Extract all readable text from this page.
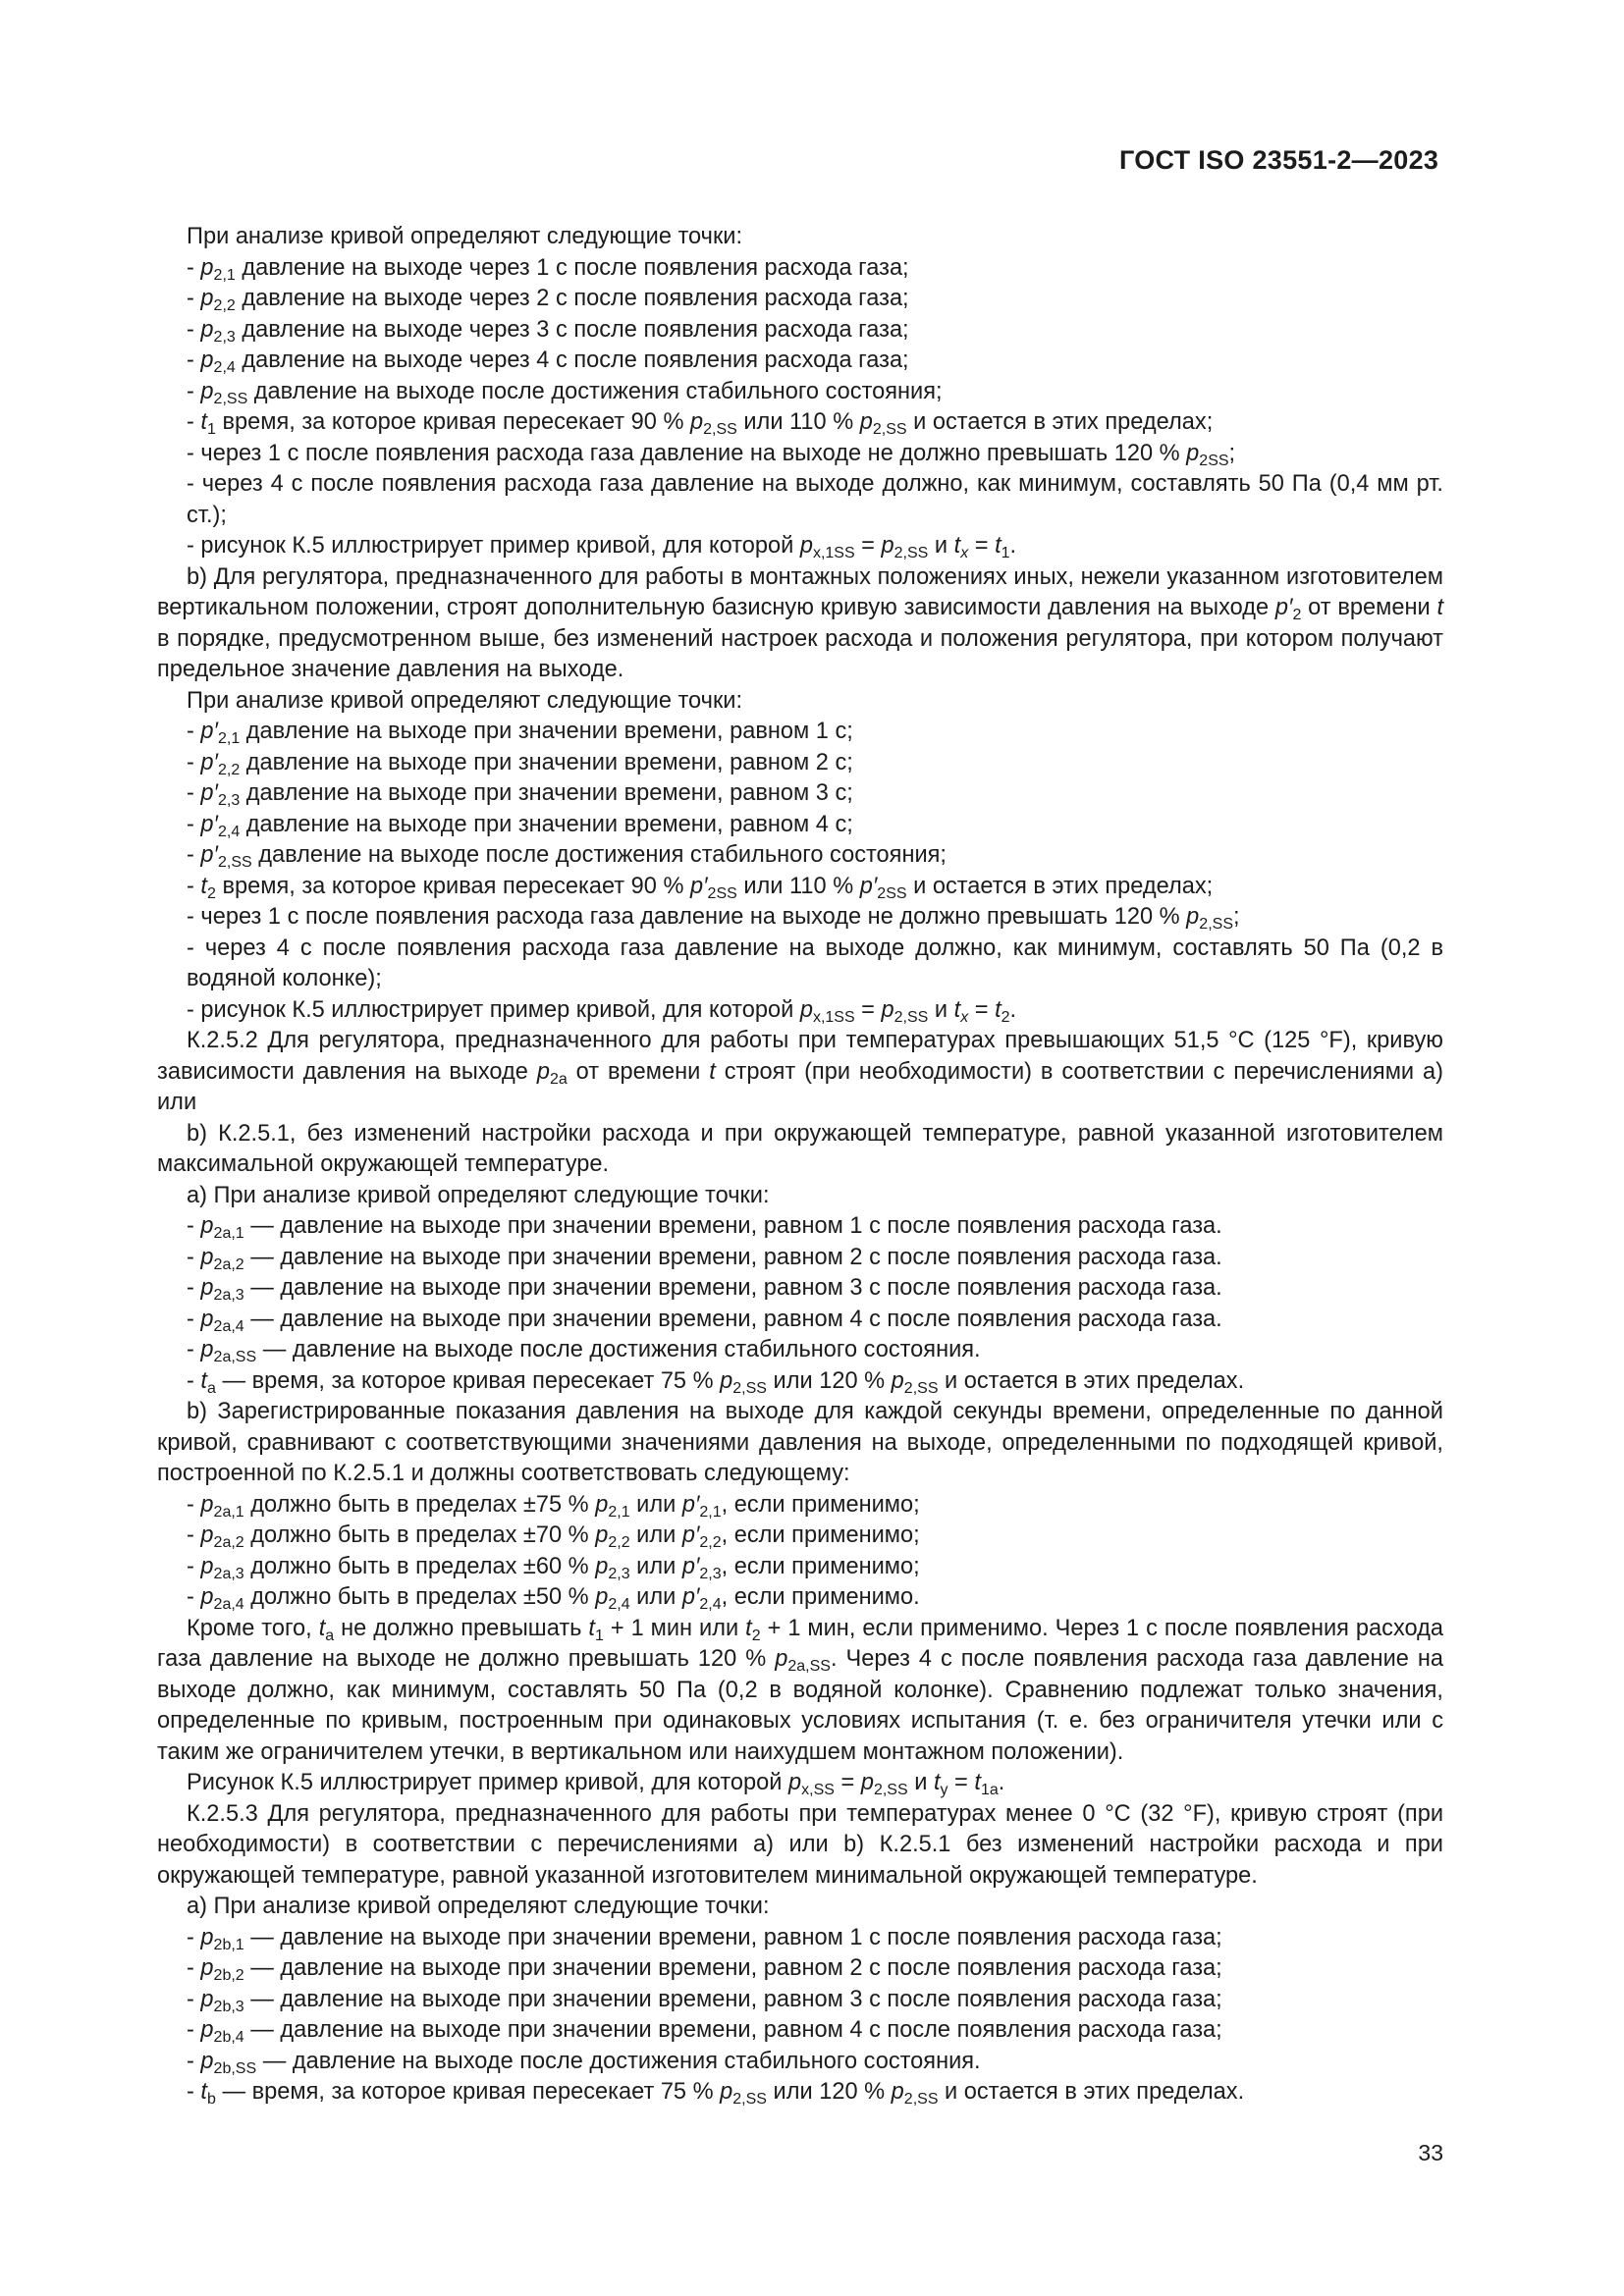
ГОСТ ISO 23551-2—2023

При анализе кривой определяют следующие точки:

- $p_{2,1}$ давление на выходе через 1 с после появления расхода газа;

- $p_{2,2}$ давление на выходе через 2 с после появления расхода газа;

- $p_{2,3}$ давление на выходе через 3 с после появления расхода газа;

- $p_{2,4}$ давление на выходе через 4 с после появления расхода газа;

- $p_{2,SS}$ давление на выходе после достижения стабильного состояния;

- $t_1$ время, за которое кривая пересекает 90 % $p_{2,SS}$ или 110 % $p_{2,SS}$ и остается в этих пределах;

- через 1 с после появления расхода газа давление на выходе не должно превышать 120 % $p_{2SS}$;

- через 4 с после появления расхода газа давление на выходе должно, как минимум, составлять 50 Па (0,4 мм рт. ст.);

- рисунок К.5 иллюстрирует пример кривой, для которой $p_{x,1SS} = p_{2,SS}$ и $t_x = t_1$.

b) Для регулятора, предназначенного для работы в монтажных положениях иных, нежели указанном изготовителем вертикальном положении, строят дополнительную базисную кривую зависимости давления на выходе $p'_2$ от времени t в порядке, предусмотренном выше, без изменений настроек расхода и положения регулятора, при котором получают предельное значение давления на выходе.

При анализе кривой определяют следующие точки:

- $p'_{2,1}$ давление на выходе при значении времени, равном 1 с;

- $p'_{2,2}$ давление на выходе при значении времени, равном 2 с;

- $p'_{2,3}$ давление на выходе при значении времени, равном 3 с;

- $p'_{2,4}$ давление на выходе при значении времени, равном 4 с;

- $p'_{2,SS}$ давление на выходе после достижения стабильного состояния;

- $t_2$ время, за которое кривая пересекает 90 % $p'_{2SS}$ или 110 % $p'_{2SS}$ и остается в этих пределах;

- через 1 с после появления расхода газа давление на выходе не должно превышать 120 % $p_{2,SS}$;

- через 4 с после появления расхода газа давление на выходе должно, как минимум, составлять 50 Па (0,2 в водяной колонке);

- рисунок К.5 иллюстрирует пример кривой, для которой $p_{x,1SS} = p_{2,SS}$ и $t_x = t_2$.

К.2.5.2 Для регулятора, предназначенного для работы при температурах превышающих 51,5 °С (125 °F), кривую зависимости давления на выходе $p_{2a}$ от времени t строят (при необходимости) в соответствии с перечислениями а) или

b) К.2.5.1, без изменений настройки расхода и при окружающей температуре, равной указанной изготовителем максимальной окружающей температуре.

а) При анализе кривой определяют следующие точки:

- $p_{2a,1}$ — давление на выходе при значении времени, равном 1 с после появления расхода газа.

- $p_{2a,2}$ — давление на выходе при значении времени, равном 2 с после появления расхода газа.

- $p_{2a,3}$ — давление на выходе при значении времени, равном 3 с после появления расхода газа.

- $p_{2a,4}$ — давление на выходе при значении времени, равном 4 с после появления расхода газа.

- $p_{2a,SS}$ — давление на выходе после достижения стабильного состояния.

- $t_a$ — время, за которое кривая пересекает 75 % $p_{2,SS}$ или 120 % $p_{2,SS}$ и остается в этих пределах.

b) Зарегистрированные показания давления на выходе для каждой секунды времени, определенные по данной кривой, сравнивают с соответствующими значениями давления на выходе, определенными по подходящей кривой, построенной по К.2.5.1 и должны соответствовать следующему:

- $p_{2a,1}$ должно быть в пределах ±75 % $p_{2,1}$ или $p'_{2,1}$, если применимо;

- $p_{2a,2}$ должно быть в пределах ±70 % $p_{2,2}$ или $p'_{2,2}$, если применимо;

- $p_{2a,3}$ должно быть в пределах ±60 % $p_{2,3}$ или $p'_{2,3}$, если применимо;

- $p_{2a,4}$ должно быть в пределах ±50 % $p_{2,4}$ или $p'_{2,4}$, если применимо.

Кроме того, $t_a$ не должно превышать $t_1 + 1$ мин или $t_2 + 1$ мин, если применимо. Через 1 с после появления расхода газа давление на выходе не должно превышать 120 % $p_{2a,SS}$. Через 4 с после появления расхода газа давление на выходе должно, как минимум, составлять 50 Па (0,2 в водяной колонке). Сравнению подлежат только значения, определенные по кривым, построенным при одинаковых условиях испытания (т. е. без ограничителя утечки или с таким же ограничителем утечки, в вертикальном или наихудшем монтажном положении).

Рисунок К.5 иллюстрирует пример кривой, для которой $p_{x,SS} = p_{2,SS}$ и $t_y = t_{1a}$.

К.2.5.3 Для регулятора, предназначенного для работы при температурах менее 0 °С (32 °F), кривую строят (при необходимости) в соответствии с перечислениями а) или b) К.2.5.1 без изменений настройки расхода и при окружающей температуре, равной указанной изготовителем минимальной окружающей температуре.

а) При анализе кривой определяют следующие точки:

- $p_{2b,1}$ — давление на выходе при значении времени, равном 1 с после появления расхода газа;

- $p_{2b,2}$ — давление на выходе при значении времени, равном 2 с после появления расхода газа;

- $p_{2b,3}$ — давление на выходе при значении времени, равном 3 с после появления расхода газа;

- $p_{2b,4}$ — давление на выходе при значении времени, равном 4 с после появления расхода газа;

- $p_{2b,SS}$ — давление на выходе после достижения стабильного состояния.

- $t_b$ — время, за которое кривая пересекает 75 % $p_{2,SS}$ или 120 % $p_{2,SS}$ и остается в этих пределах.

33
